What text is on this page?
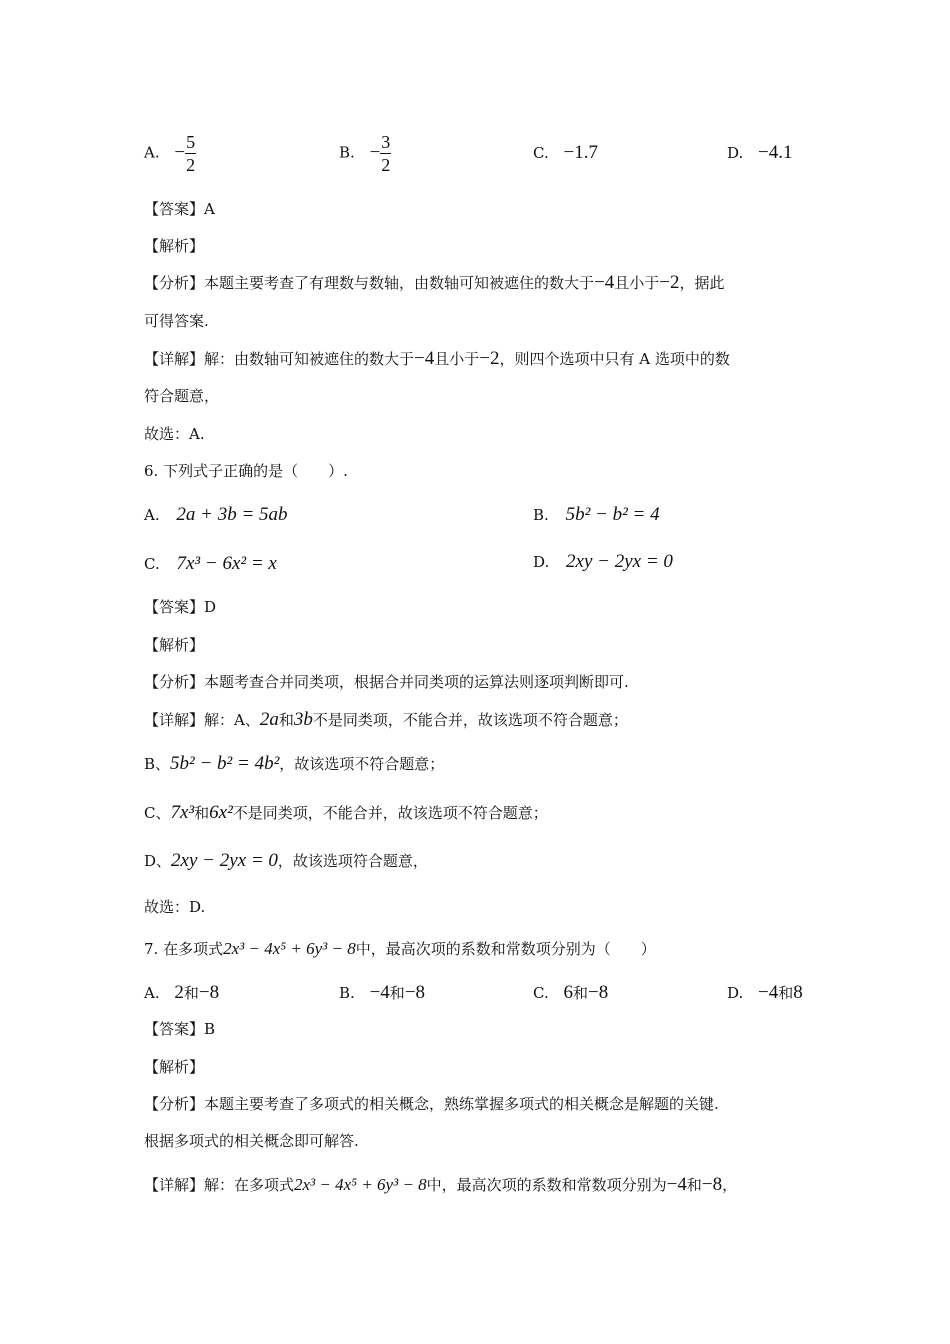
A. − $\frac{5}{2}$	B. − $\frac{3}{2}$	C. −1.7	D. −4.1
【答案】A
【解析】
【分析】本题主要考查了有理数与数轴，由数轴可知被遮住的数大于−4且小于−2，据此
可得答案.
【详解】解：由数轴可知被遮住的数大于−4且小于−2，则四个选项中只有 A 选项中的数
符合题意，
故选：A.
6. 下列式子正确的是（　　）.
A. 2a + 3b = 5ab	B. 5b² − b² = 4
C. 7x³ − 6x² = x	D. 2xy − 2yx = 0
【答案】D
【解析】
【分析】本题考查合并同类项，根据合并同类项的运算法则逐项判断即可.
【详解】解：A、2a和3b不是同类项，不能合并，故该选项不符合题意；
B、5b² − b² = 4b²，故该选项不符合题意；
C、7x³和6x²不是同类项，不能合并，故该选项不符合题意；
D、2xy − 2yx = 0，故该选项符合题意，
故选：D.
7. 在多项式2x³ − 4x⁵ + 6y³ − 8中，最高次项的系数和常数项分别为（　　）
A. 2和−8	B. −4和−8	C. 6和−8	D. −4和8
【答案】B
【解析】
【分析】本题主要考查了多项式的相关概念，熟练掌握多项式的相关概念是解题的关键.
根据多项式的相关概念即可解答.
【详解】解：在多项式2x³ − 4x⁵ + 6y³ − 8中，最高次项的系数和常数项分别为−4和−8，
